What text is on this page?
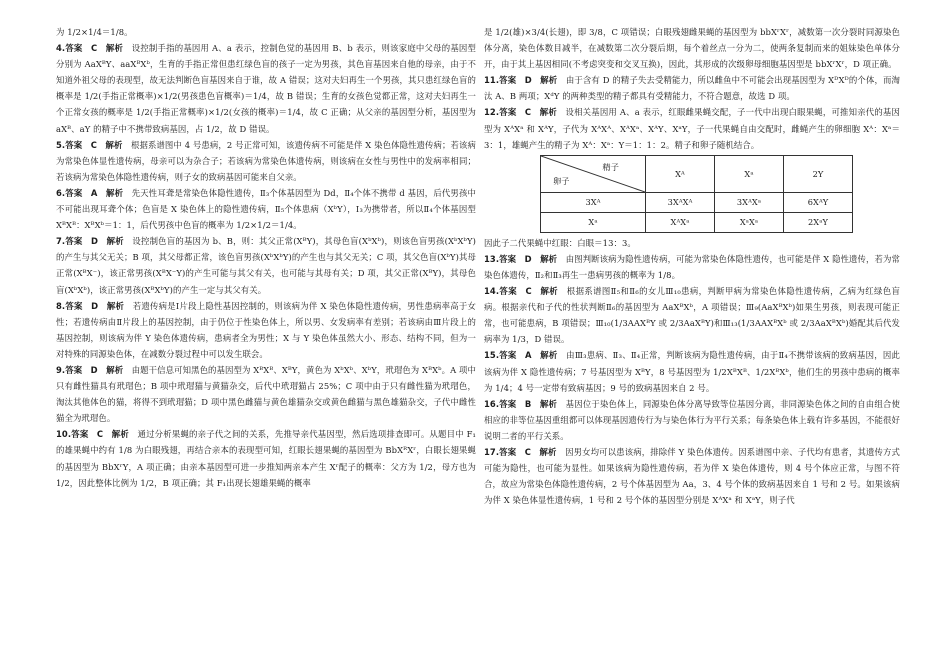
为 1/2×1/4＝1/8。

4.答案  C  解析  设控制手指的基因用 A、a 表示，控制色觉的基因用 B、b 表示，则该家庭中父母的基因型分别为 AaXᴮY、aaXᴮXᵇ，生育的手指正常但患红绿色盲的孩子一定为男孩，其色盲基因来自他的母亲，由于不知道外祖父母的表现型，故无法判断色盲基因来自于谁，故 A 错误；这对夫妇再生一个男孩，其只患红绿色盲的概率是 1/2(手指正常概率)×1/2(男孩患色盲概率)＝1/4，故 B 错误；生育的女孩色觉都正常，这对夫妇再生一个正常女孩的概率是 1/2(手指正常概率)×1/2(女孩的概率)＝1/4，故 C 正确；从父亲的基因型分析，基因型为 aXᴮ、aY 的精子中不携带致病基因，占 1/2，故 D 错误。

5.答案  C  解析  根据系谱图中 4 号患病，2 号正常可知，该遗传病不可能是伴 X 染色体隐性遗传病；若该病为常染色体显性遗传病，母亲可以为杂合子；若该病为常染色体遗传病，则该病在女性与男性中的发病率相同；若该病为常染色体隐性遗传病，则子女的致病基因可能来自父亲。

6.答案  A  解析  先天性耳聋是常染色体隐性遗传，Ⅱ₃个体基因型为 Dd，Ⅱ₄个体不携带 d 基因，后代男孩中不可能出现耳聋个体；色盲是 X 染色体上的隐性遗传病，Ⅱ₅个体患病（XᵇY），Ⅰ₃为携带者，所以Ⅱ₄个体基因型 XᴮXᴮ：XᴮXᵇ＝1：1，后代男孩中色盲的概率为 1/2×1/2＝1/4。

7.答案  D  解析  设控制色盲的基因为 b、B，则：其父正常(XᴮY)，其母色盲(XᵇXᵇ)，则该色盲男孩(XᵇXᵇY)的产生与其父无关；B 项，其父母都正常，该色盲男孩(XᵇXᵇY)的产生也与其父无关；C 项，其父色盲(XᵇY)其母正常(XᴮX⁻)，该正常男孩(XᴮX⁻Y)的产生可能与其父有关，也可能与其母有关；D 项，其父正常(XᴮY)，其母色盲(XᵇXᵇ)，该正常男孩(XᴮXᵇY)的产生一定与其父有关。

8.答案  D  解析  若遗传病是Ⅰ片段上隐性基因控制的，则该病为伴 X 染色体隐性遗传病，男性患病率高于女性；若遗传病由Ⅱ片段上的基因控制，由于仍位于性染色体上，所以男、女发病率有差别；若该病由Ⅲ片段上的基因控制，则该病为伴 Y 染色体遗传病，患病者全为男性；X 与 Y 染色体虽然大小、形态、结构不同，但为一对特殊的同源染色体，在减数分裂过程中可以发生联会。

9.答案  D  解析  由题干信息可知黑色的基因型为 XᴮXᴮ、XᴮY，黄色为 XᵇXᵇ、XᵇY，玳瑁色为 XᴮXᵇ。A 项中只有雌性猫具有玳瑁色；B 项中玳瑁猫与黄猫杂交，后代中玳瑁猫占 25%；C 项中由于只有雌性猫为玳瑁色，淘汰其他体色的猫，将得不到玳瑁猫；D 项中黑色雌猫与黄色雄猫杂交或黄色雌猫与黑色雄猫杂交，子代中雌性猫全为玳瑁色。

10.答案  C  解析  通过分析果蝇的亲子代之间的关系，先推导亲代基因型，然后选项排查即可。从题目中 F₁的雄果蝇中约有 1/8 为白眼残翅，再结合亲本的表现型可知，红眼长翅果蝇的基因型为 BbXᴿXʳ，白眼长翅果蝇的基因型为 BbXʳY，A 项正确；由亲本基因型可进一步推知两亲本产生 Xʳ配子的概率：父方为 1/2，母方也为 1/2，因此整体比例为 1/2，B 项正确；其 F₁出现长翅雄果蝇的概率

是 1/2(雄)×3/4(长翅)，即 3/8，C 项错误；白眼残翅雌果蝇的基因型为 bbXʳXʳ，减数第一次分裂时同源染色体分离，染色体数目减半，在减数第二次分裂后期，每个着丝点一分为二，使两条复制而来的姐妹染色单体分开，由于其上基因相同(不考虑突变和交叉互换)，因此，其形成的次级卵母细胞基因型是 bbXʳXʳ，D 项正确。

11.答案  D  解析  由于含有 D 的精子失去受精能力，所以雌鱼中不可能会出现基因型为 XᴰXᴰ的个体，而淘汰 A、B 两项；XᵈY 的两种类型的精子都具有受精能力，不符合题意，故选 D 项。

12.答案  C  解析  设相关基因用 A、a 表示，红眼雌果蝇交配，子一代中出现白眼果蝇，可推知亲代的基因型为 XᴬXᵃ 和 XᴬY，子代为 XᴬXᴬ、XᴬXᵃ、XᴬY、XᵃY，子一代果蝇自由交配时，雌蝇产生的卵细胞 Xᴬ：Xᵃ＝3：1，雄蝇产生的精子为 Xᴬ：Xᵃ：Y＝1：1：2。精子和卵子随机结合。

精子
卵子	Xᴬ	Xᵃ	2Y
3Xᴬ	3XᴬXᴬ	3XᴬXᵃ	6XᴬY
Xᵃ	XᴬXᵃ	XᵃXᵃ	2XᵃY

因此子二代果蝇中红眼：白眼＝13：3。

13.答案  D  解析  由图判断该病为隐性遗传病，可能为常染色体隐性遗传，也可能是伴 X 隐性遗传，若为常染色体遗传，Ⅱ₂和Ⅱ₃再生一患病男孩的概率为 1/8。

14.答案  C  解析  根据系谱图Ⅱ₅和Ⅱ₆的女儿Ⅲ₁₀患病，判断甲病为常染色体隐性遗传病，乙病为红绿色盲病。根据亲代和子代的性状判断Ⅱ₆的基因型为 AaXᴮXᵇ，A 项错误；Ⅲ₉(AaXᴮXᵇ)如果生男孩，则表现可能正常，也可能患病，B 项错误；Ⅲ₁₀(1/3AAXᴮY 或 2/3AaXᴮY)和Ⅲ₁₃(1/3AAXᴮXᵇ 或 2/3AaXᴮXᵇ)婚配其后代发病率为 1/3，D 错误。

15.答案  A  解析  由Ⅲ₃患病、Ⅱ₃、Ⅱ₄正常，判断该病为隐性遗传病，由于Ⅱ₄不携带该病的致病基因，因此该病为伴 X 隐性遗传病；7 号基因型为 XᴮY，8 号基因型为 1/2XᴮXᴮ、1/2XᴮXᵇ，他们生的男孩中患病的概率为 1/4；4 号一定带有致病基因；9 号的致病基因来自 2 号。

16.答案  B  解析  基因位于染色体上，同源染色体分离导致等位基因分离，非同源染色体之间的自由组合使相应的非等位基因重组都可以体现基因遗传行为与染色体行为平行关系；每条染色体上载有许多基因，不能很好说明二者的平行关系。

17.答案  C  解析  因男女均可以患该病，排除伴 Y 染色体遗传。因系谱图中亲、子代均有患者，其遗传方式可能为隐性，也可能为显性。如果该病为隐性遗传病，若为伴 X 染色体遗传，则 4 号个体应正常，与图不符合，故应为常染色体隐性遗传病，2 号个体基因型为 Aa，3、4 号个体的致病基因来自 1 号和 2 号。如果该病为伴 X 染色体显性遗传病，1 号和 2 号个体的基因型分别是 XᴬXᵃ 和 XᵃY，则子代
